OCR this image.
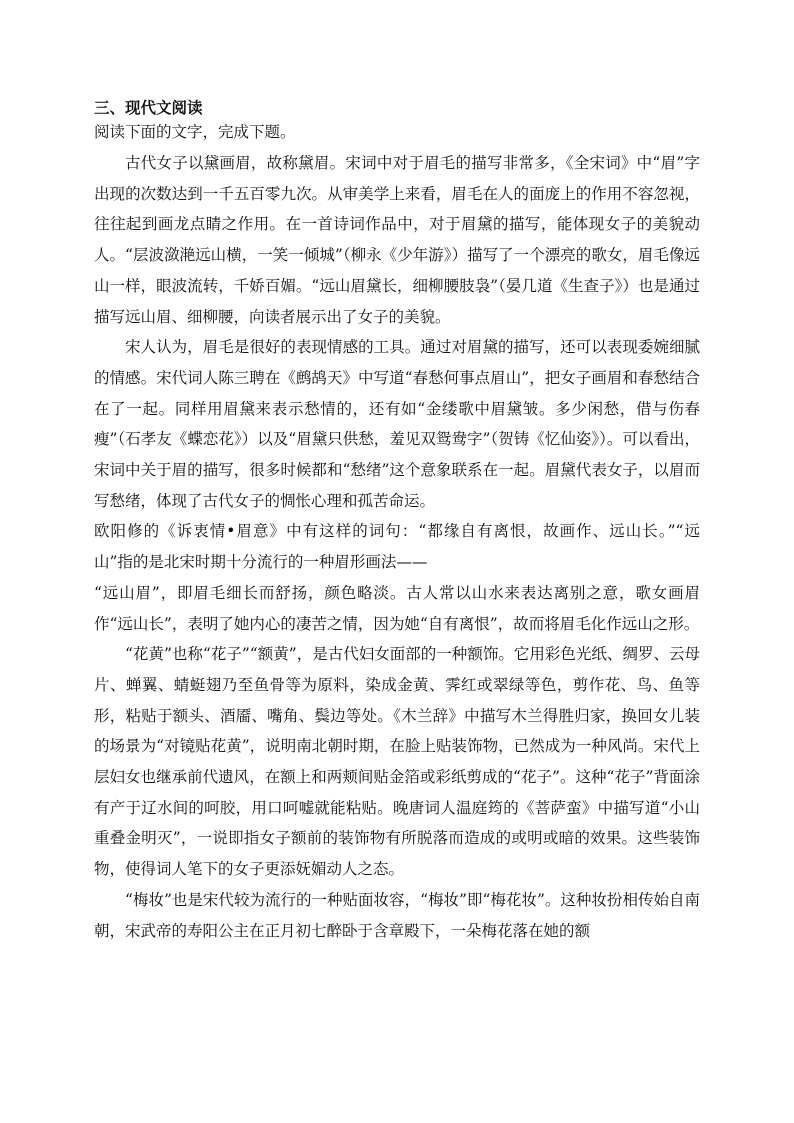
三、现代文阅读

阅读下面的文字，完成下题。

古代女子以黛画眉，故称黛眉。宋词中对于眉毛的描写非常多，《全宋词》中“眉”字出现的次数达到一千五百零九次。从审美学上来看，眉毛在人的面庞上的作用不容忽视，往往起到画龙点睛之作用。在一首诗词作品中，对于眉黛的描写，能体现女子的美貌动人。“层波潋滟远山横，一笑一倾城”（柳永《少年游》）描写了一个漂亮的歌女，眉毛像远山一样，眼波流转，千娇百媚。“远山眉黛长，细柳腰肢袅”（晏几道《生查子》）也是通过描写远山眉、细柳腰，向读者展示出了女子的美貌。

宋人认为，眉毛是很好的表现情感的工具。通过对眉黛的描写，还可以表现委婉细腻的情感。宋代词人陈三聘在《鹧鸪天》中写道“春愁何事点眉山”，把女子画眉和春愁结合在了一起。同样用眉黛来表示愁情的，还有如“金缕歌中眉黛皱。多少闲愁，借与伤春瘦”（石孝友《蝶恋花》）以及“眉黛只供愁，羞见双鸳鸯字”（贺铸《忆仙姿》）。可以看出，宋词中关于眉的描写，很多时候都和“愁绪”这个意象联系在一起。眉黛代表女子，以眉而写愁绪，体现了古代女子的惆怅心理和孤苦命运。

欧阳修的《诉衷情•眉意》中有这样的词句：“都缘自有离恨，故画作、远山长。”“远山”指的是北宋时期十分流行的一种眉形画法——

“远山眉”，即眉毛细长而舒扬，颜色略淡。古人常以山水来表达离别之意，歌女画眉作“远山长”，表明了她内心的凄苦之情，因为她“自有离恨”，故而将眉毛化作远山之形。

“花黄”也称“花子”“额黄”，是古代妇女面部的一种额饰。它用彩色光纸、绸罗、云母片、蝉翼、蜻蜓翅乃至鱼骨等为原料，染成金黄、霁红或翠绿等色，剪作花、鸟、鱼等形，粘贴于额头、酒靥、嘴角、鬓边等处。《木兰辞》中描写木兰得胜归家，换回女儿装的场景为“对镜贴花黄”，说明南北朝时期，在脸上贴装饰物，已然成为一种风尚。宋代上层妇女也继承前代遗风，在额上和两颊间贴金箔或彩纸剪成的“花子”。这种“花子”背面涂有产于辽水间的呵胶，用口呵嘘就能粘贴。晚唐词人温庭筠的《菩萨蛮》中描写道“小山重叠金明灭”，一说即指女子额前的装饰物有所脱落而造成的或明或暗的效果。这些装饰物，使得词人笔下的女子更添妩媚动人之态。

“梅妆”也是宋代较为流行的一种贴面妆容，“梅妆”即“梅花妆”。这种妆扮相传始自南朝，宋武帝的寿阳公主在正月初七醉卧于含章殿下，一朵梅花落在她的额
